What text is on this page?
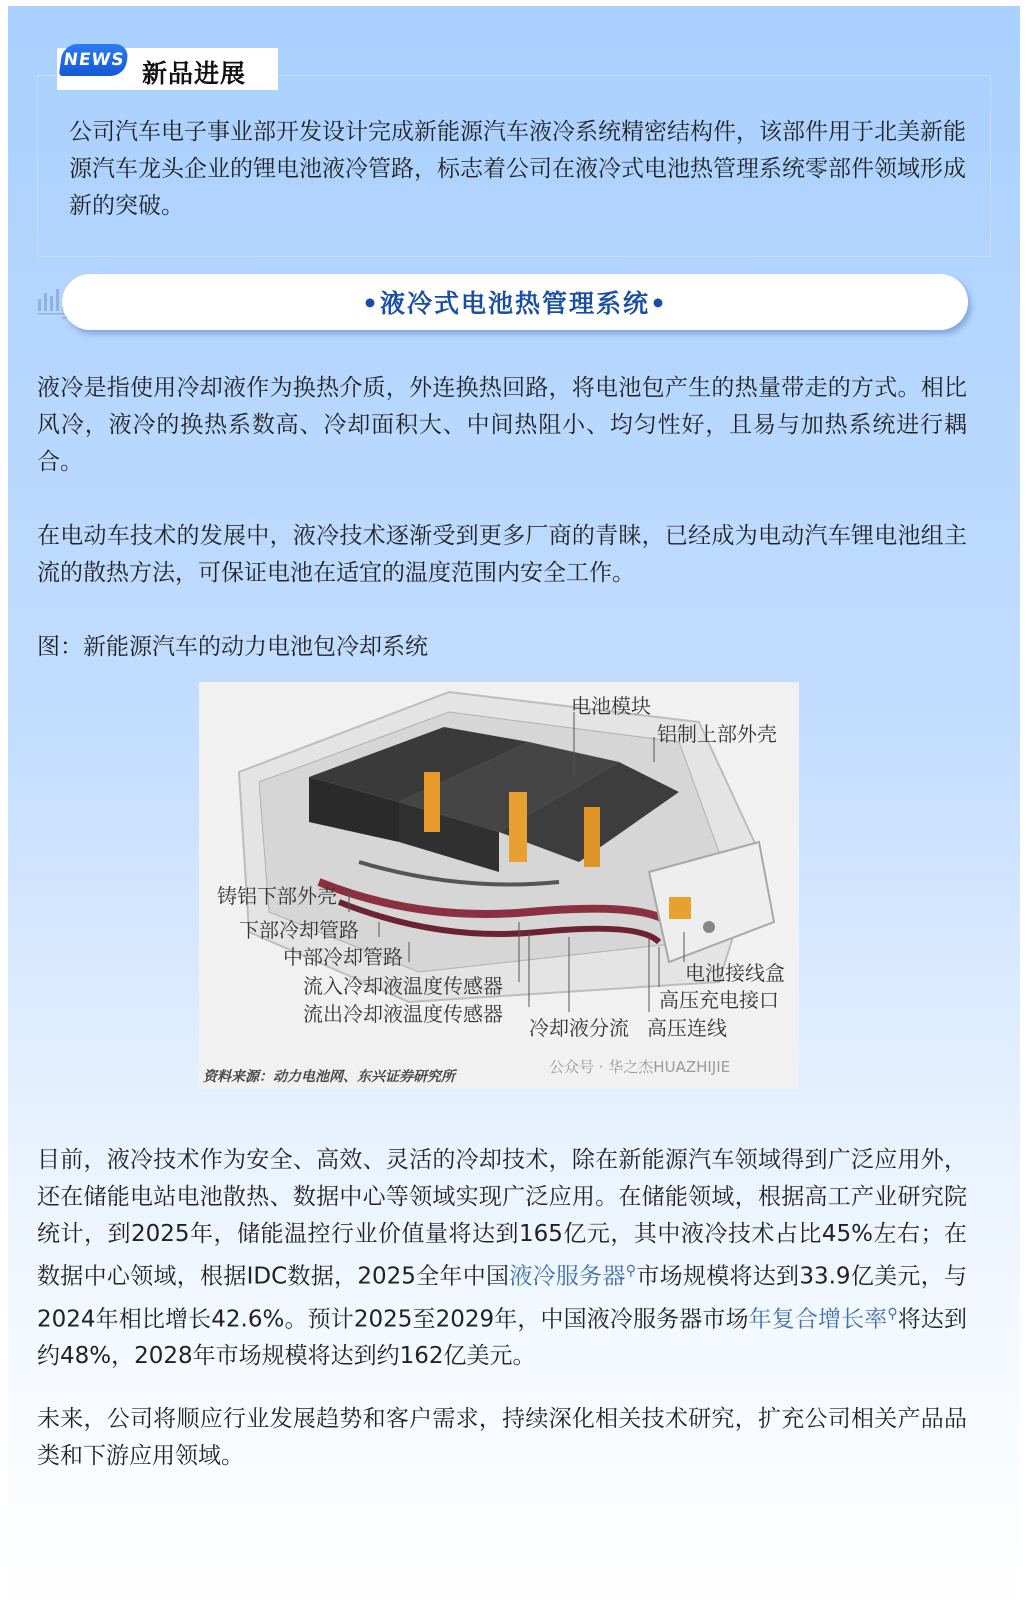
NEWS 新品进展
公司汽车电子事业部开发设计完成新能源汽车液冷系统精密结构件，该部件用于北美新能源汽车龙头企业的锂电池液冷管路，标志着公司在液冷式电池热管理系统零部件领域形成新的突破。
•液冷式电池热管理系统•
液冷是指使用冷却液作为换热介质，外连换热回路，将电池包产生的热量带走的方式。相比风冷，液冷的换热系数高、冷却面积大、中间热阻小、均匀性好，且易与加热系统进行耦合。
在电动车技术的发展中，液冷技术逐渐受到更多厂商的青睐，已经成为电动汽车锂电池组主流的散热方法，可保证电池在适宜的温度范围内安全工作。
图：新能源汽车的动力电池包冷却系统
电池模块
铝制上部外壳
铸铝下部外壳
下部冷却管路
中部冷却管路
流入冷却液温度传感器
流出冷却液温度传感器
冷却液分流 高压连线
电池接线盒
高压充电接口
资料来源：动力电池网、东兴证券研究所
公众号 · 华之杰HUAZHIJIE
目前，液冷技术作为安全、高效、灵活的冷却技术，除在新能源汽车领域得到广泛应用外，还在储能电站电池散热、数据中心等领域实现广泛应用。在储能领域，根据高工产业研究院统计，到2025年，储能温控行业价值量将达到165亿元，其中液冷技术占比45%左右；在数据中心领域，根据IDC数据，2025全年中国液冷服务器⚲市场规模将达到33.9亿美元，与2024年相比增长42.6%。预计2025至2029年，中国液冷服务器市场年复合增长率⚲将达到约48%，2028年市场规模将达到约162亿美元。
未来，公司将顺应行业发展趋势和客户需求，持续深化相关技术研究，扩充公司相关产品品类和下游应用领域。
